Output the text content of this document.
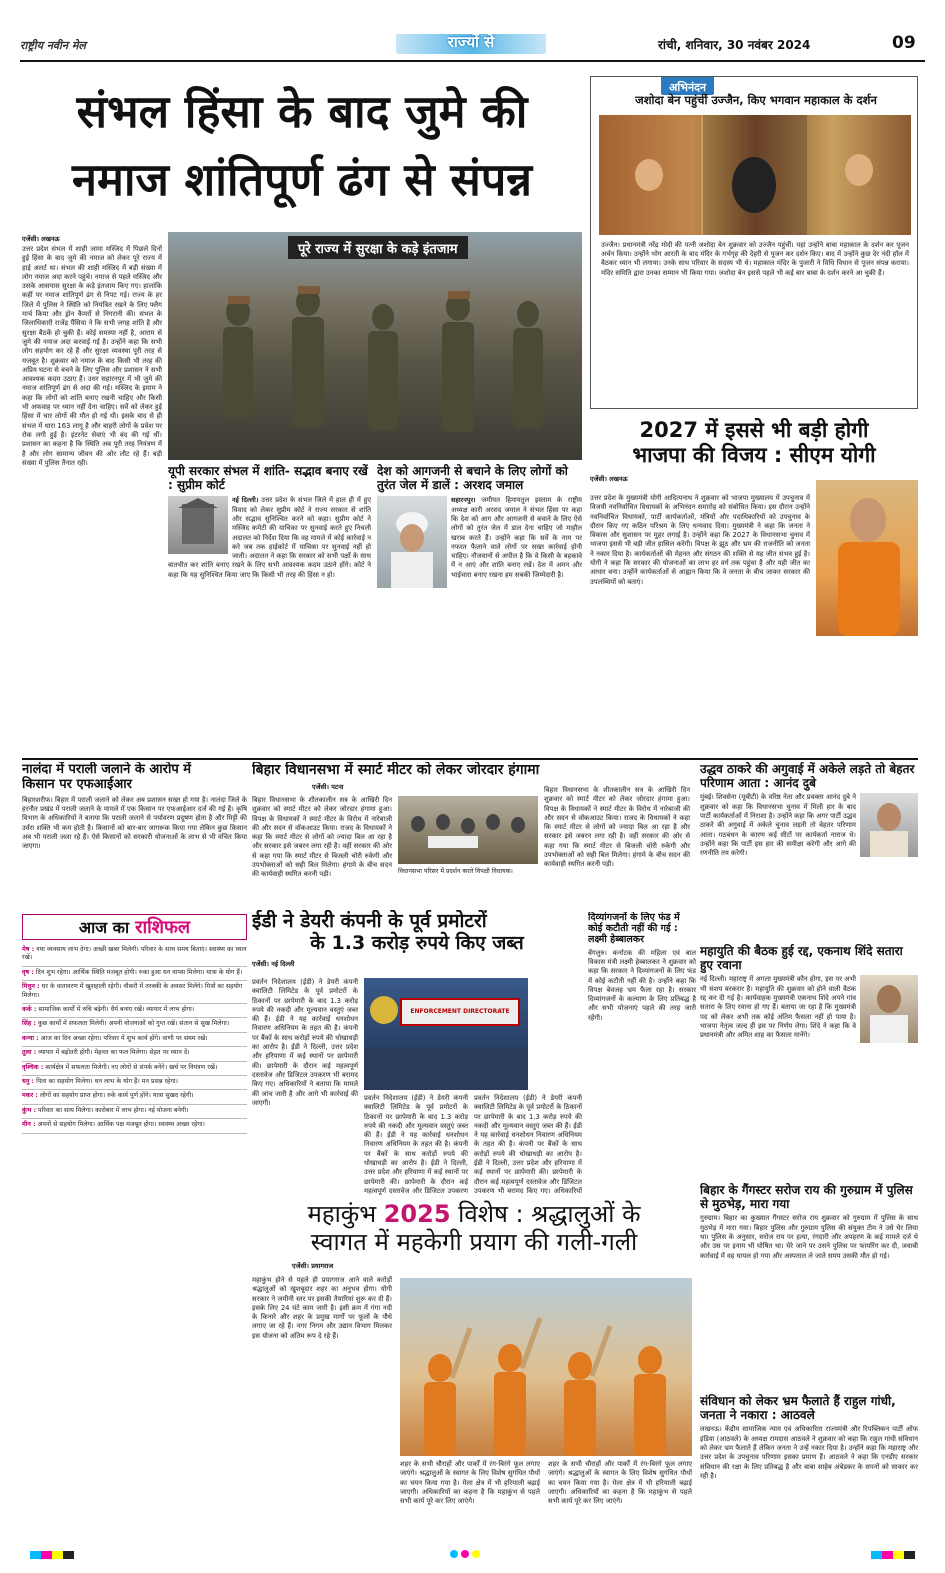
राष्ट्रीय नवीन मेल	राज्यों से	रांची, शनिवार, 30 नवंबर 2024	09
संभल हिंसा के बाद जुमे की
नमाज शांतिपूर्ण ढंग से संपन्न
एजेंसी। लखनऊ
उत्तर प्रदेश संभल में शाही जामा मस्जिद में पिछले दिनों हुई हिंसा के बाद जुमे की नमाज को लेकर पूरे राज्य में हाई अलर्ट था। संभल की शाही मस्जिद में बड़ी संख्या में लोग नमाज अदा करने पहुंचे। नमाज से पहले मस्जिद और उसके आसपास सुरक्षा के कड़े इंतजाम किए गए। हालांकि कहीं पर नमाज शांतिपूर्ण ढंग से निपट गई। राज्य के हर जिले में पुलिस ने स्थिति को नियंत्रित रखने के लिए फ्लैग मार्च किया और ड्रोन कैमरों से निगरानी की। संभल के जिलाधिकारी राजेंद्र पैंसिया ने कि सभी जगह शांति है और सुरक्षा बैठकें हो चुकी हैं। कोई समस्या नहीं है, आराम से जुमे की नमाज अदा करवाई गई है। उन्होंने कहा कि सभी लोग सहयोग कर रहे हैं और सुरक्षा व्यवस्था पूरी तरह से मजबूत है। शुक्रवार को नमाज के बाद किसी भी तरह की अप्रिय घटना से बचने के लिए पुलिस और प्रशासन ने सभी आवश्यक कदम उठाए हैं। उधर सहारनपुर में भी जुमे की नमाज शांतिपूर्ण ढंग से अदा की गई। मस्जिद के इमाम ने कहा कि लोगों को शांति बनाए रखनी चाहिए और किसी भी अफवाह पर ध्यान नहीं देना चाहिए। सर्वे को लेकर हुई हिंसा में चार लोगों की मौत हो गई थी। इसके बाद से ही संभल में धारा 163 लागू है और बाहरी लोगों के प्रवेश पर रोक लगी हुई है। इंटरनेट सेवाएं भी बंद की गई थीं। प्रशासन का कहना है कि स्थिति अब पूरी तरह नियंत्रण में है और लोग सामान्य जीवन की ओर लौट रहे हैं। बड़ी संख्या में पुलिस तैनात रही।
पूरे राज्य में सुरक्षा के कड़े इंतजाम
यूपी सरकार संभल में शांति- सद्भाव बनाए रखें : सुप्रीम कोर्ट
नई दिल्ली। उत्तर प्रदेश के संभल जिले में हाल ही में हुए विवाद को लेकर सुप्रीम कोर्ट ने राज्य सरकार से शांति और सद्भाव सुनिश्चित करने को कहा। सुप्रीम कोर्ट ने मस्जिद कमेटी की याचिका पर सुनवाई करते हुए निचली अदालत को निर्देश दिया कि वह मामले में कोई कार्रवाई न करे जब तक हाईकोर्ट में याचिका पर सुनवाई नहीं हो जाती। अदालत ने कहा कि सरकार को सभी पक्षों के साथ बातचीत कर शांति बनाए रखने के लिए सभी आवश्यक कदम उठाने होंगे। कोर्ट ने कहा कि यह सुनिश्चित किया जाए कि किसी भी तरह की हिंसा न हो।
देश को आगजनी से बचाने के लिए लोगों को तुरंत जेल में डालें : अरशद जमाल
सहारनपुर। जमीयत हिमायतुल इस्लाम के राष्ट्रीय अध्यक्ष कारी अरशद जमाल ने संभल हिंसा पर कहा कि देश को आग और आगजनी से बचाने के लिए ऐसे लोगों को तुरंत जेल में डाल देना चाहिए जो माहौल खराब करते हैं। उन्होंने कहा कि सर्वे के नाम पर नफरत फैलाने वाले लोगों पर सख्त कार्रवाई होनी चाहिए। नौजवानों से अपील है कि वे किसी के बहकावे में न आएं और शांति बनाए रखें। देश में अमन और भाईचारा बनाए रखना हम सबकी जिम्मेदारी है।
अभिनंदन
जशोदा बेन पहुंचीं उज्जैन, किए भगवान महाकाल के दर्शन
उज्जैन। प्रधानमंत्री नरेंद्र मोदी की पत्नी जशोदा बेन शुक्रवार को उज्जैन पहुंचीं। यहां उन्होंने बाबा महाकाल के दर्शन कर पूजन अर्चन किया। उन्होंने भोग आरती के बाद मंदिर के गर्भगृह की देहरी से पूजन कर दर्शन किए। बाद में उन्होंने कुछ देर नंदी हॉल में बैठकर ध्यान भी लगाया। उनके साथ परिवार के सदस्य भी थे। महाकाल मंदिर के पुजारी ने विधि विधान से पूजन संपन्न कराया। मंदिर समिति द्वारा उनका सम्मान भी किया गया। जशोदा बेन इससे पहले भी कई बार बाबा के दर्शन करने आ चुकी हैं।
2027 में इससे भी बड़ी होगी
भाजपा की विजय : सीएम योगी
एजेंसी। लखनऊ
उत्तर प्रदेश के मुख्यमंत्री योगी आदित्यनाथ ने शुक्रवार को भाजपा मुख्यालय में उपचुनाव में विजयी नवनिर्वाचित विधायकों के अभिनंदन समारोह को संबोधित किया। इस दौरान उन्होंने नवनिर्वाचित विधायकों, पार्टी कार्यकर्ताओं, मंत्रियों और पदाधिकारियों को उपचुनाव के दौरान किए गए कठिन परिश्रम के लिए धन्यवाद दिया। मुख्यमंत्री ने कहा कि जनता ने विकास और सुशासन पर मुहर लगाई है। उन्होंने कहा कि 2027 के विधानसभा चुनाव में भाजपा इससे भी बड़ी जीत हासिल करेगी। विपक्ष के झूठ और भ्रम की राजनीति को जनता ने नकार दिया है। कार्यकर्ताओं की मेहनत और संगठन की शक्ति से यह जीत संभव हुई है। योगी ने कहा कि सरकार की योजनाओं का लाभ हर वर्ग तक पहुंचा है और यही जीत का आधार बना। उन्होंने कार्यकर्ताओं से आह्वान किया कि वे जनता के बीच जाकर सरकार की उपलब्धियों को बताएं।
नालंदा में पराली जलाने के आरोप में
किसान पर एफआईआर
बिहारशरीफ। बिहार में पराली जलाने को लेकर अब प्रशासन सख्त हो गया है। नालंदा जिले के हरनौत प्रखंड में पराली जलाने के मामले में एक किसान पर एफआईआर दर्ज की गई है। कृषि विभाग के अधिकारियों ने बताया कि पराली जलाने से पर्यावरण प्रदूषण होता है और मिट्टी की उर्वरा शक्ति भी कम होती है। किसानों को बार-बार जागरूक किया गया लेकिन कुछ किसान अब भी पराली जला रहे हैं। ऐसे किसानों को सरकारी योजनाओं के लाभ से भी वंचित किया जाएगा।
आज का राशिफल
मेष : नया व्यवसाय लाभ देगा। अच्छी खबर मिलेगी। परिवार के साथ समय बिताएं। स्वास्थ्य का ध्यान रखें।
वृष : दिन शुभ रहेगा। आर्थिक स्थिति मजबूत होगी। रुका हुआ धन वापस मिलेगा। यात्रा के योग हैं।
मिथुन : घर के वातावरण में खुशहाली रहेगी। नौकरी में तरक्की के अवसर मिलेंगे। मित्रों का सहयोग मिलेगा।
कर्क : सामाजिक कार्यों में रुचि बढ़ेगी। धैर्य बनाए रखें। व्यापार में लाभ होगा।
सिंह : कुछ कार्यों में सफलता मिलेगी। अपनी योजनाओं को गुप्त रखें। संतान से सुख मिलेगा।
कन्या : आज का दिन अच्छा रहेगा। परिवार में शुभ कार्य होंगे। वाणी पर संयम रखें।
तुला : व्यापार में बढ़ोतरी होगी। मेहनत का फल मिलेगा। सेहत पर ध्यान दें।
वृश्चिक : कार्यक्षेत्र में सफलता मिलेगी। नए लोगों से संपर्क बनेंगे। खर्च पर नियंत्रण रखें।
धनु : पिता का सहयोग मिलेगा। धन लाभ के योग हैं। मन प्रसन्न रहेगा।
मकर : लोगों का सहयोग प्राप्त होगा। रुके कार्य पूर्ण होंगे। यात्रा सुखद रहेगी।
कुंभ : परिवार का साथ मिलेगा। कारोबार में लाभ होगा। नई योजना बनेगी।
मीन : अपनों से सहयोग मिलेगा। आर्थिक पक्ष मजबूत होगा। स्वास्थ्य अच्छा रहेगा।
बिहार विधानसभा में स्मार्ट मीटर को लेकर जोरदार हंगामा
एजेंसी। पटना
बिहार विधानसभा के शीतकालीन सत्र के आखिरी दिन शुक्रवार को स्मार्ट मीटर को लेकर जोरदार हंगामा हुआ। विपक्ष के विधायकों ने स्मार्ट मीटर के विरोध में नारेबाजी की और सदन से वॉकआउट किया। राजद के विधायकों ने कहा कि स्मार्ट मीटर से लोगों को ज्यादा बिल आ रहा है और सरकार इसे जबरन लगा रही है। वहीं सरकार की ओर से कहा गया कि स्मार्ट मीटर से बिजली चोरी रुकेगी और उपभोक्ताओं को सही बिल मिलेगा। हंगामे के बीच सदन की कार्यवाही स्थगित करनी पड़ी।	विधानसभा परिसर में प्रदर्शन करते विपक्षी विधायक।
बिहार विधानसभा के शीतकालीन सत्र के आखिरी दिन शुक्रवार को स्मार्ट मीटर को लेकर जोरदार हंगामा हुआ। विपक्ष के विधायकों ने स्मार्ट मीटर के विरोध में नारेबाजी की और सदन से वॉकआउट किया। राजद के विधायकों ने कहा कि स्मार्ट मीटर से लोगों को ज्यादा बिल आ रहा है और सरकार इसे जबरन लगा रही है। वहीं सरकार की ओर से कहा गया कि स्मार्ट मीटर से बिजली चोरी रुकेगी और उपभोक्ताओं को सही बिल मिलेगा। हंगामे के बीच सदन की कार्यवाही स्थगित करनी पड़ी।
उद्धव ठाकरे की अगुवाई में अकेले लड़ते तो बेहतर परिणाम आता : आनंद दुबे
मुंबई। शिवसेना (यूबीटी) के वरिष्ठ नेता और प्रवक्ता आनंद दुबे ने शुक्रवार को कहा कि विधानसभा चुनाव में मिली हार के बाद पार्टी कार्यकर्ताओं में निराशा है। उन्होंने कहा कि अगर पार्टी उद्धव ठाकरे की अगुवाई में अकेले चुनाव लड़ती तो बेहतर परिणाम आता। गठबंधन के कारण कई सीटों पर कार्यकर्ता नाराज थे। उन्होंने कहा कि पार्टी इस हार की समीक्षा करेगी और आगे की रणनीति तय करेगी।
ईडी ने डेयरी कंपनी के पूर्व प्रमोटरों
के 1.3 करोड़ रुपये किए जब्त
एजेंसी। नई दिल्ली
प्रवर्तन निदेशालय (ईडी) ने डेयरी कंपनी क्वालिटी लिमिटेड के पूर्व प्रमोटरों के ठिकानों पर छापेमारी के बाद 1.3 करोड़ रुपये की नकदी और मूल्यवान वस्तुएं जब्त की हैं। ईडी ने यह कार्रवाई धनशोधन निवारण अधिनियम के तहत की है। कंपनी पर बैंकों के साथ करोड़ों रुपये की धोखाधड़ी का आरोप है। ईडी ने दिल्ली, उत्तर प्रदेश और हरियाणा में कई स्थानों पर छापेमारी की। छापेमारी के दौरान कई महत्वपूर्ण दस्तावेज और डिजिटल उपकरण भी बरामद किए गए। अधिकारियों ने बताया कि मामले की जांच जारी है और आगे भी कार्रवाई की जाएगी।
ENFORCEMENT DIRECTORATE
प्रवर्तन निदेशालय (ईडी) ने डेयरी कंपनी क्वालिटी लिमिटेड के पूर्व प्रमोटरों के ठिकानों पर छापेमारी के बाद 1.3 करोड़ रुपये की नकदी और मूल्यवान वस्तुएं जब्त की हैं। ईडी ने यह कार्रवाई धनशोधन निवारण अधिनियम के तहत की है। कंपनी पर बैंकों के साथ करोड़ों रुपये की धोखाधड़ी का आरोप है। ईडी ने दिल्ली, उत्तर प्रदेश और हरियाणा में कई स्थानों पर छापेमारी की। छापेमारी के दौरान कई महत्वपूर्ण दस्तावेज और डिजिटल उपकरण
प्रवर्तन निदेशालय (ईडी) ने डेयरी कंपनी क्वालिटी लिमिटेड के पूर्व प्रमोटरों के ठिकानों पर छापेमारी के बाद 1.3 करोड़ रुपये की नकदी और मूल्यवान वस्तुएं जब्त की हैं। ईडी ने यह कार्रवाई धनशोधन निवारण अधिनियम के तहत की है। कंपनी पर बैंकों के साथ करोड़ों रुपये की धोखाधड़ी का आरोप है। ईडी ने दिल्ली, उत्तर प्रदेश और हरियाणा में कई स्थानों पर छापेमारी की। छापेमारी के दौरान कई महत्वपूर्ण दस्तावेज और डिजिटल उपकरण भी बरामद किए गए। अधिकारियों
दिव्यांगजनों के लिए फंड में कोई कटौती नहीं की गई : लक्ष्मी हेब्बालकर
बेंगलुरु। कर्नाटक की महिला एवं बाल विकास मंत्री लक्ष्मी हेब्बालकर ने शुक्रवार को कहा कि सरकार ने दिव्यांगजनों के लिए फंड में कोई कटौती नहीं की है। उन्होंने कहा कि विपक्ष बेवजह भ्रम फैला रहा है। सरकार दिव्यांगजनों के कल्याण के लिए प्रतिबद्ध है और सभी योजनाएं पहले की तरह जारी रहेंगी।
महायुति की बैठक हुई रद्द, एकनाथ शिंदे सतारा हुए रवाना
नई दिल्ली। महाराष्ट्र में अगला मुख्यमंत्री कौन होगा, इस पर अभी भी संशय बरकरार है। महायुति की शुक्रवार को होने वाली बैठक रद्द कर दी गई है। कार्यवाहक मुख्यमंत्री एकनाथ शिंदे अपने गांव सतारा के लिए रवाना हो गए हैं। बताया जा रहा है कि मुख्यमंत्री पद को लेकर अभी तक कोई अंतिम फैसला नहीं हो पाया है। भाजपा नेतृत्व जल्द ही इस पर निर्णय लेगा। शिंदे ने कहा कि वे प्रधानमंत्री और अमित शाह का फैसला मानेंगे।
बिहार के गैंगस्टर सरोज राय की गुरुग्राम में पुलिस से मुठभेड़, मारा गया
गुरुग्राम। बिहार का कुख्यात गैंगस्टर सरोज राय शुक्रवार को गुरुग्राम में पुलिस के साथ मुठभेड़ में मारा गया। बिहार पुलिस और गुरुग्राम पुलिस की संयुक्त टीम ने उसे घेर लिया था। पुलिस के अनुसार, सरोज राय पर हत्या, रंगदारी और अपहरण के कई मामले दर्ज थे और उस पर इनाम भी घोषित था। घेरे जाने पर उसने पुलिस पर फायरिंग कर दी, जवाबी कार्रवाई में वह घायल हो गया और अस्पताल ले जाते समय उसकी मौत हो गई।
महाकुंभ 2025 विशेष : श्रद्धालुओं के
स्वागत में महकेगी प्रयाग की गली-गली
एजेंसी। प्रयागराज
महाकुंभ होने से पहले ही प्रयागराज आने वाले करोड़ों श्रद्धालुओं को खुशबूदार शहर का अनुभव होगा। योगी सरकार ने जमीनी स्तर पर इसकी तैयारियां शुरू कर दी हैं। इसके लिए 24 घंटे काम जारी है। इसी क्रम में गंगा नदी के किनारे और शहर के प्रमुख मार्गों पर फूलों के पौधे लगाए जा रहे हैं। नगर निगम और उद्यान विभाग मिलकर इस योजना को अंतिम रूप दे रहे हैं।
शहर के सभी चौराहों और पार्कों में रंग-बिरंगे फूल लगाए जाएंगे। श्रद्धालुओं के स्वागत के लिए विशेष सुगंधित पौधों का चयन किया गया है। मेला क्षेत्र में भी हरियाली बढ़ाई जाएगी। अधिकारियों का कहना है कि महाकुंभ से पहले सभी कार्य पूरे कर लिए जाएंगे।
शहर के सभी चौराहों और पार्कों में रंग-बिरंगे फूल लगाए जाएंगे। श्रद्धालुओं के स्वागत के लिए विशेष सुगंधित पौधों का चयन किया गया है। मेला क्षेत्र में भी हरियाली बढ़ाई जाएगी। अधिकारियों का कहना है कि महाकुंभ से पहले सभी कार्य पूरे कर लिए जाएंगे।
संविधान को लेकर भ्रम फैलाते हैं राहुल गांधी, जनता ने नकारा : आठवले
लखनऊ। केंद्रीय सामाजिक न्याय एवं अधिकारिता राज्यमंत्री और रिपब्लिकन पार्टी ऑफ इंडिया (आठवले) के अध्यक्ष रामदास आठवले ने शुक्रवार को कहा कि राहुल गांधी संविधान को लेकर भ्रम फैलाते हैं लेकिन जनता ने उन्हें नकार दिया है। उन्होंने कहा कि महाराष्ट्र और उत्तर प्रदेश के उपचुनाव परिणाम इसका प्रमाण हैं। आठवले ने कहा कि एनडीए सरकार संविधान की रक्षा के लिए प्रतिबद्ध है और बाबा साहेब अंबेडकर के सपनों को साकार कर रही है।
